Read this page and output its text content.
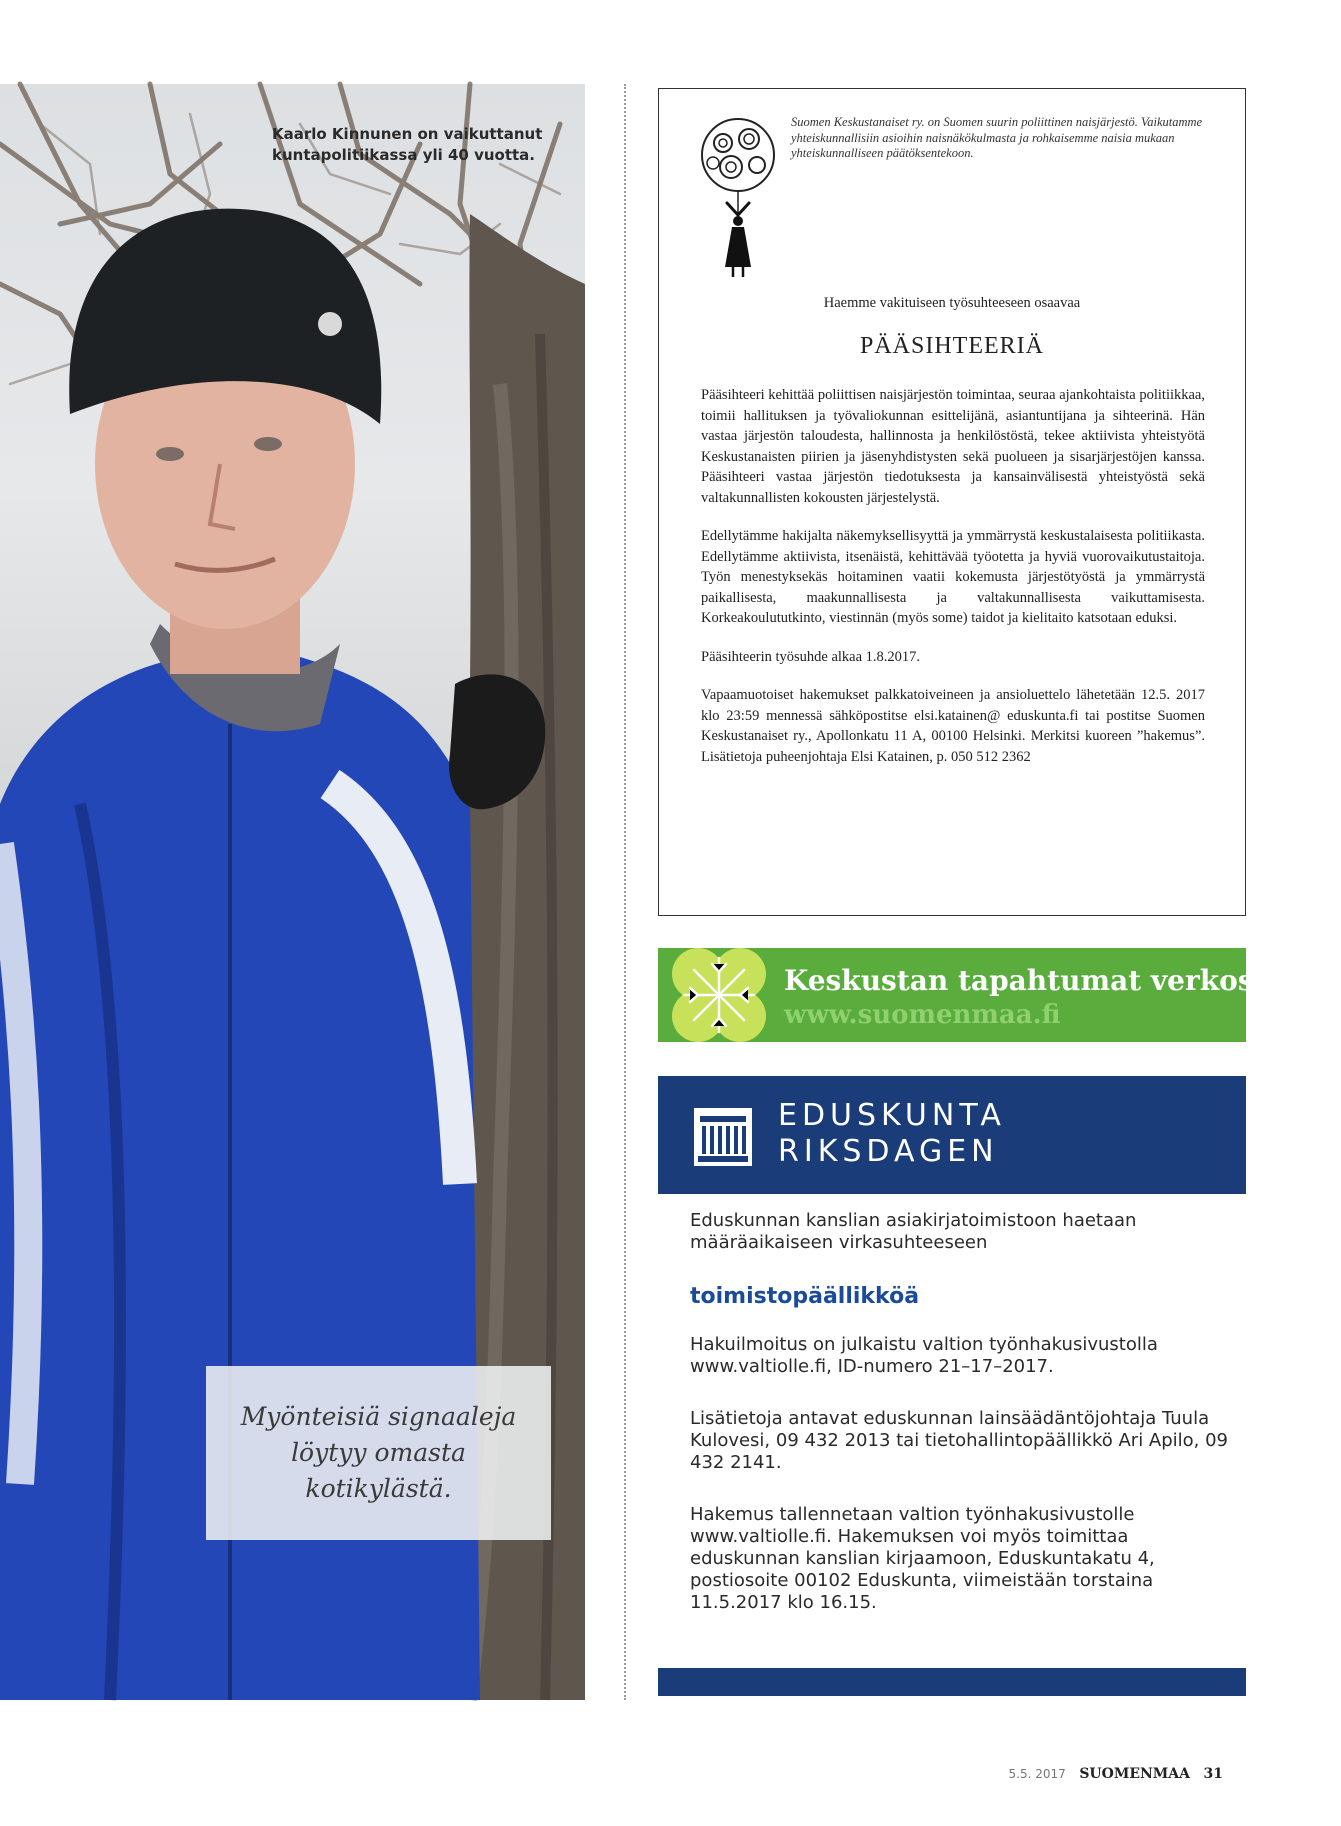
Kaarlo Kinnunen on vaikuttanut kuntapolitiikassa yli 40 vuotta.

Myönteisiä signaaleja löytyy omasta kotikylästä.

Suomen Keskustanaiset ry. on Suomen suurin poliittinen naisjärjestö. Vaikutamme yhteiskunnallisiin asioihin naisnäkökulmasta ja rohkaisemme naisia mukaan yhteiskunnalliseen päätöksentekoon.

Haemme vakituiseen työsuhteeseen osaavaa
PÄÄSIHTEERIÄ

Pääsihteeri kehittää poliittisen naisjärjestön toimintaa, seuraa ajankohtaista politiikkaa, toimii hallituksen ja työvaliokunnan esittelijänä, asiantuntijana ja sihteerinä. Hän vastaa järjestön taloudesta, hallinnosta ja henkilöstöstä, tekee aktiivista yhteistyötä Keskustanaisten piirien ja jäsenyhdistysten sekä puolueen ja sisarjärjestöjen kanssa. Pääsihteeri vastaa järjestön tiedotuksesta ja kansainvälisestä yhteistyöstä sekä valtakunnallisten kokousten järjestelystä.

Edellytämme hakijalta näkemyksellisyyttä ja ymmärrystä keskustalaisesta politiikasta. Edellytämme aktiivista, itsenäistä, kehittävää työotetta ja hyviä vuorovaikutustaitoja. Työn menestyksekäs hoitaminen vaatii kokemusta järjestötyöstä ja ymmärrystä paikallisesta, maakunnallisesta ja valtakunnallisesta vaikuttamisesta. Korkeakoulututkinto, viestinnän (myös some) taidot ja kielitaito katsotaan eduksi.

Pääsihteerin työsuhde alkaa 1.8.2017.

Vapaamuotoiset hakemukset palkkatoiveineen ja ansioluettelo lähetetään 12.5. 2017 klo 23:59 mennessä sähköpostitse elsi.katainen@ eduskunta.fi tai postitse Suomen Keskustanaiset ry., Apollonkatu 11 A, 00100 Helsinki. Merkitsi kuoreen ”hakemus”. Lisätietoja puheenjohtaja Elsi Katainen, p. 050 512 2362

Keskustan tapahtumat verkossa:
www.suomenmaa.fi
EDUSKUNTA
RIKSDAGEN

Eduskunnan kanslian asiakirjatoimistoon haetaan määräaikaiseen virkasuhteeseen

toimistopäällikköä

Hakuilmoitus on julkaistu valtion työnhakusivustolla www.valtiolle.fi, ID-numero 21–17–2017.

Lisätietoja antavat eduskunnan lainsäädäntöjohtaja Tuula Kulovesi, 09 432 2013 tai tietohallintopäällikkö Ari Apilo, 09 432 2141.

Hakemus tallennetaan valtion työnhakusivustolle www.valtiolle.fi. Hakemuksen voi myös toimittaa eduskunnan kanslian kirjaamoon, Eduskuntakatu 4, postiosoite 00102 Eduskunta, viimeistään torstaina 11.5.2017 klo 16.15.

5.5. 2017 SUOMENMAA 31
